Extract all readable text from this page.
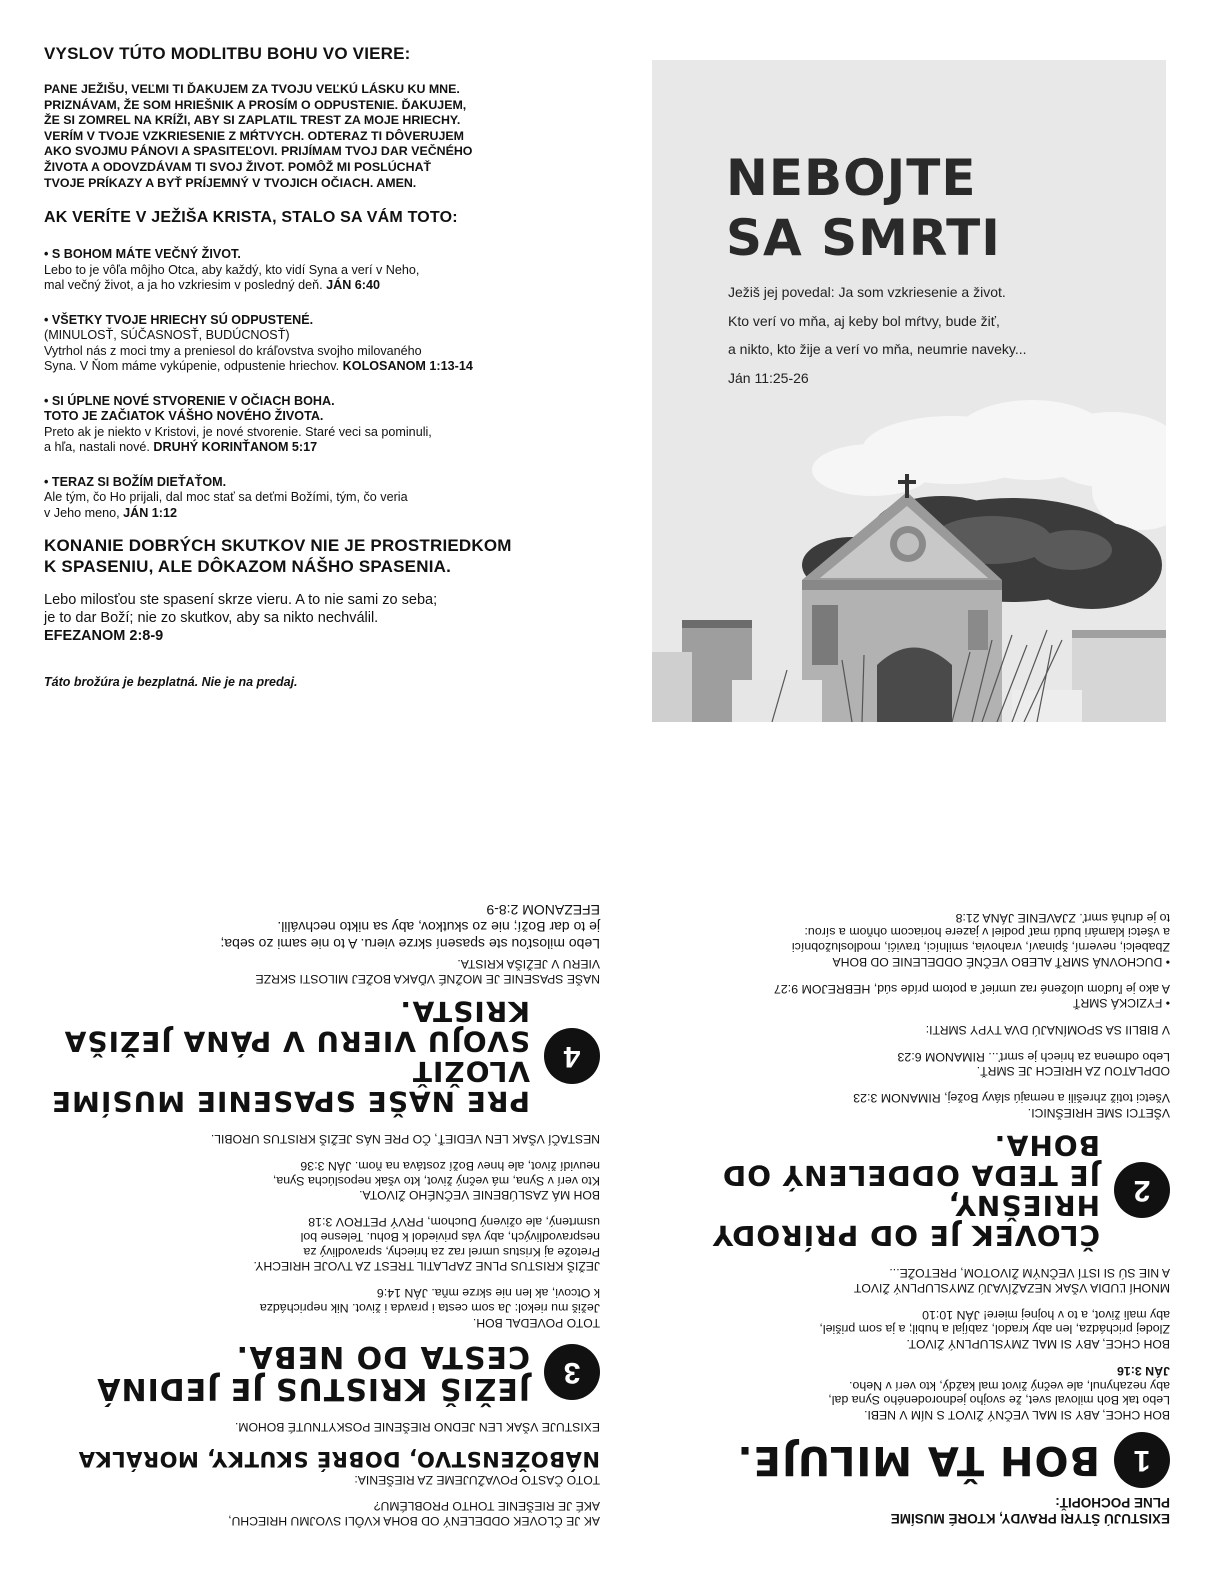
VYSLOV TÚTO MODLITBU BOHU VO VIERE:
PANE JEŽIŠU, VEĽMI TI ĎAKUJEM ZA TVOJU VEĽKÚ LÁSKU KU MNE.
PRIZNÁVAM, ŽE SOM HRIEŠNIK A PROSÍM O ODPUSTENIE. ĎAKUJEM,
ŽE SI ZOMREL NA KRÍŽI, ABY SI ZAPLATIL TREST ZA MOJE HRIECHY.
VERÍM V TVOJE VZKRIESENIE Z MŔTVYCH. ODTERAZ TI DÔVERUJEM
AKO SVOJMU PÁNOVI A SPASITEĽOVI. PRIJÍMAM TVOJ DAR VEČNÉHO
ŽIVOTA A ODOVZDÁVAM TI SVOJ ŽIVOT. POMÔŽ MI POSLÚCHAŤ
TVOJE PRÍKAZY A BYŤ PRÍJEMNÝ V TVOJICH OČIACH. AMEN.
AK VERÍTE V JEŽIŠA KRISTA, STALO SA VÁM TOTO:
• S BOHOM MÁTE VEČNÝ ŽIVOT.
Lebo to je vôľa môjho Otca, aby každý, kto vidí Syna a verí v Neho,
mal večný život, a ja ho vzkriesim v posledný deň. JÁN 6:40
• VŠETKY TVOJE HRIECHY SÚ ODPUSTENÉ.
(MINULOSŤ, SÚČASNOSŤ, BUDÚCNOSŤ)
Vytrhol nás z moci tmy a preniesol do kráľovstva svojho milovaného
Syna. V Ňom máme vykúpenie, odpustenie hriechov. KOLOSANOM 1:13-14
• SI ÚPLNE NOVÉ STVORENIE V OČIACH BOHA.
TOTO JE ZAČIATOK VÁŠHO NOVÉHO ŽIVOTA.
Preto ak je niekto v Kristovi, je nové stvorenie. Staré veci sa pominuli,
a hľa, nastali nové. DRUHÝ KORINŤANOM 5:17
• TERAZ SI BOŽÍM DIEŤAŤOM.
Ale tým, čo Ho prijali, dal moc stať sa deťmi Božími, tým, čo veria
v Jeho meno, JÁN 1:12
KONANIE DOBRÝCH SKUTKOV NIE JE PROSTRIEDKOM
K SPASENIU, ALE DÔKAZOM NÁŠHO SPASENIA.
Lebo milosťou ste spasení skrze vieru. A to nie sami zo seba;
je to dar Boží; nie zo skutkov, aby sa nikto nechválil.
EFEZANOM 2:8-9
Táto brožúra je bezplatná. Nie je na predaj.
NEBOJTE
SA SMRTI
Ježiš jej povedal: Ja som vzkriesenie a život.
Kto verí vo mňa, aj keby bol mŕtvy, bude žiť,
a nikto, kto žije a verí vo mňa, neumrie naveky...
Ján 11:25-26
EXISTUJÚ ŠTYRI PRAVDY, KTORÉ MUSÍME
PLNE POCHOPIŤ:
1
BOH ŤA MILUJE.
BOH CHCE, ABY SI MAL VEČNÝ ŽIVOT S NÍM V NEBI.
Lebo tak Boh miloval svet, že svojho jednorodeného Syna dal,
aby nezahynul, ale večný život mal každý, kto verí v Neho.
JÁN 3:16
BOH CHCE, ABY SI MAL ZMYSLUPLNÝ ŽIVOT.
Zlodej prichádza, len aby kradol, zabíjal a hubil; a ja som prišiel,
aby mali život, a to v hojnej miere! JÁN 10:10
MNOHÍ ĽUDIA VŠAK NEZAŽÍVAJÚ ZMYSLUPLNÝ ŽIVOT
A NIE SÚ SI ISTÍ VEČNÝM ŽIVOTOM, PRETOŽE...
2
ČLOVEK JE OD PRÍRODY HRIEŠNY,
JE TEDA ODDELENÝ OD BOHA.
VŠETCI SME HRIEŠNICI.
Všetci totiž zhrešili a nemajú slávy Božej, RIMANOM 3:23
ODPLATOU ZA HRIECH JE SMRŤ.
Lebo odmena za hriech je smrť... RIMANOM 6:23
V BIBLII SA SPOMÍNAJÚ DVA TYPY SMRTI:
• FYZICKÁ SMRŤ
A ako je ľuďom uložené raz umrieť a potom príde súd, HEBREJOM 9:27
• DUCHOVNÁ SMRŤ ALEBO VEČNÉ ODDELENIE OD BOHA
Zbabelci, neverní, špinaví, vrahovia, smilníci, travići, modloslužobníci
a všetci klamári budú mať podiel v jazere horiacom ohňom a sírou:
to je druhá smrť. ZJAVENIE JÁNA 21:8
AK JE ČLOVEK ODDELENÝ OD BOHA KVÔLI SVOJMU HRIECHU,
AKÉ JE RIEŠENIE TOHTO PROBLÉMU?
TOTO ČASTO POVAŽUJEME ZA RIEŠENIA:
NÁBOŽENSTVO, DOBRÉ SKUTKY, MORÁLKA
EXISTUJE VŠAK LEN JEDNO RIEŠENIE POSKYTNUTÉ BOHOM.
3
JEŽIŠ KRISTUS JE JEDINÁ
CESTA DO NEBA.
TOTO POVEDAL BOH.
Ježiš mu riekol: Ja som cesta i pravda i život. Nik neprichádza
k Otcovi, ak len nie skrze mňa. JÁN 14:6
JEŽIŠ KRISTUS PLNE ZAPLATIL TREST ZA TVOJE HRIECHY.
Pretože aj Kristus umrel raz za hriechy, spravodlivý za
nespravodlivých, aby vás priviedol k Bohu. Telesne bol
usmrtený, ale oživený Duchom, PRVÝ PETROV 3:18
BOH MÁ ZASLÚBENIE VEČNÉHO ŽIVOTA.
Kto verí v Syna, má večný život, kto však neposlúcha Syna,
neuvidí život, ale hnev Boží zostáva na ňom. JÁN 3:36
NESTAČÍ VŠAK LEN VEDIEŤ, ČO PRE NÁS JEŽIŠ KRISTUS UROBIL.
4
PRE NAŠE SPASENIE MUSÍME VLOŽIŤ
SVOJU VIERU V PÁNA JEŽIŠA KRISTA.
NAŠE SPASENIE JE MOŽNÉ VĎAKA BOŽEJ MILOSTI SKRZE
VIERU V JEŽIŠA KRISTA.
Lebo milosťou ste spasení skrze vieru. A to nie sami zo seba;
je to dar Boží; nie zo skutkov, aby sa nikto nechválil.
EFEZANOM 2:8-9
